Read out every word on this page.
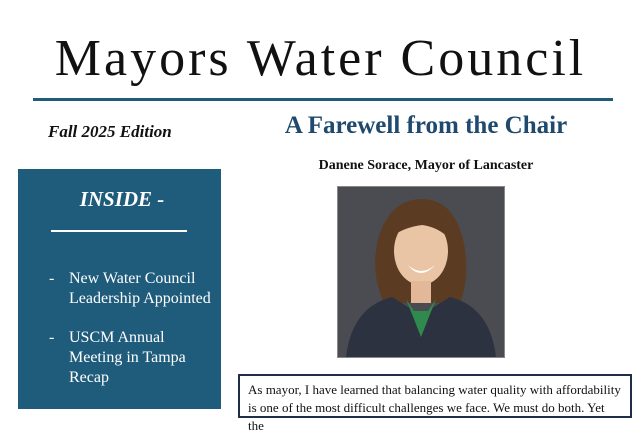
Mayors Water Council
Fall 2025 Edition
INSIDE -
- New Water Council Leadership Appointed
- USCM Annual Meeting in Tampa Recap
A Farewell from the Chair
Danene Sorace, Mayor of Lancaster

As mayor, I have learned that balancing water quality with affordability is one of the most difficult challenges we face. We must do both. Yet the
